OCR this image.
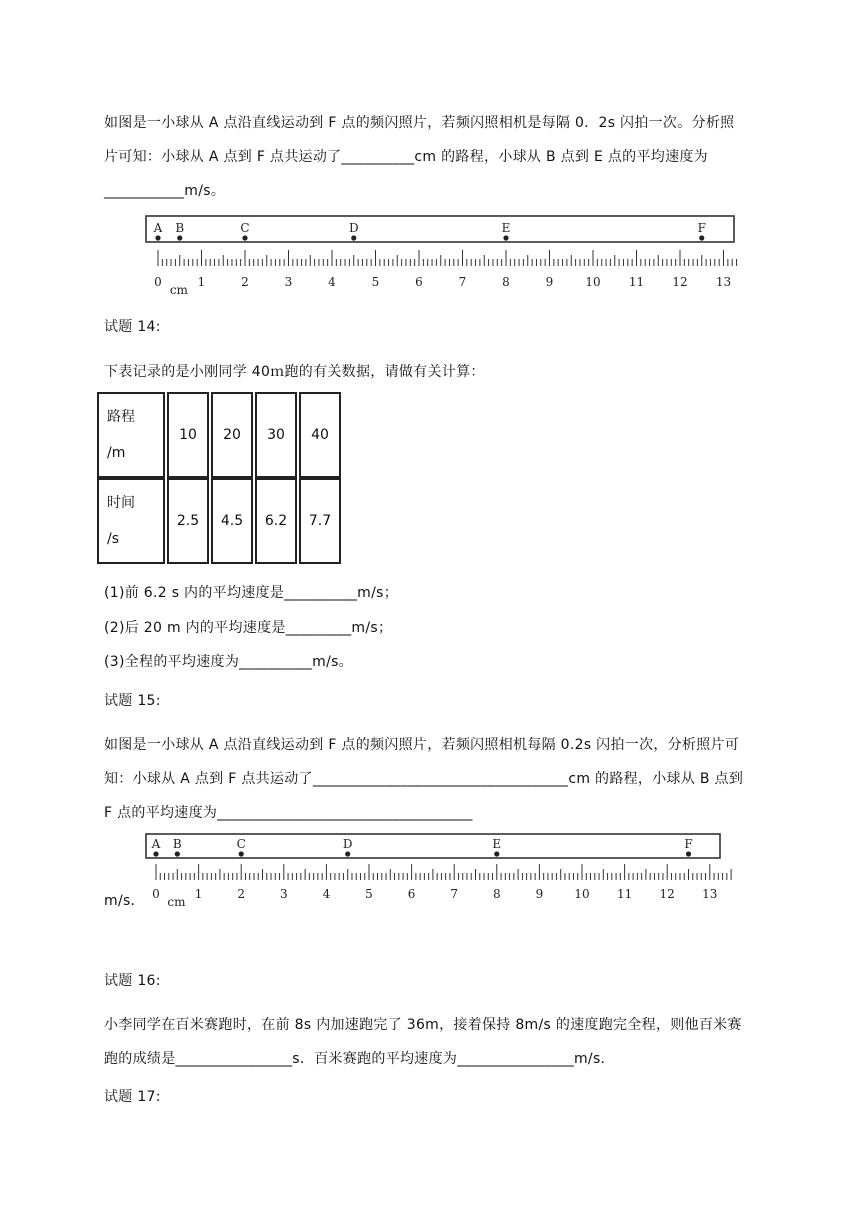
如图是一小球从 A 点沿直线运动到 F 点的频闪照片，若频闪照相机是每隔 0．2s 闪拍一次。分析照
片可知：小球从 A 点到 F 点共运动了__________cm 的路程，小球从 B 点到 E 点的平均速度为
___________m/s。
0	1	2	3	4	5	6	7	8	9	10 11 12 13
cm
A B	C	D	E	F
试题 14:
下表记录的是小刚同学 40ｍ跑的有关数据，请做有关计算：
路程
/m	10	20	30	40

时间
/s	2.5	4.5	6.2	7.7
(1)前 6.2 s 内的平均速度是__________m/s；
(2)后 20 m 内的平均速度是_________m/s；
(3)全程的平均速度为__________m/s。
试题 15:
如图是一小球从 A 点沿直线运动到 F 点的频闪照片，若频闪照相机每隔 0.2s 闪拍一次，分析照片可
知：小球从 A 点到 F 点共运动了___________________________________cm 的路程，小球从 B 点到
F 点的平均速度为___________________________________
0	1	2	3	4	5	6	7	8	9	10 11 12 13
cm
A B	C	D	E	F
m/s．
试题 16:
小李同学在百米赛跑时，在前 8s 内加速跑完了 36m，接着保持 8m/s 的速度跑完全程，则他百米赛
跑的成绩是________________s．百米赛跑的平均速度为________________m/s．
试题 17:
